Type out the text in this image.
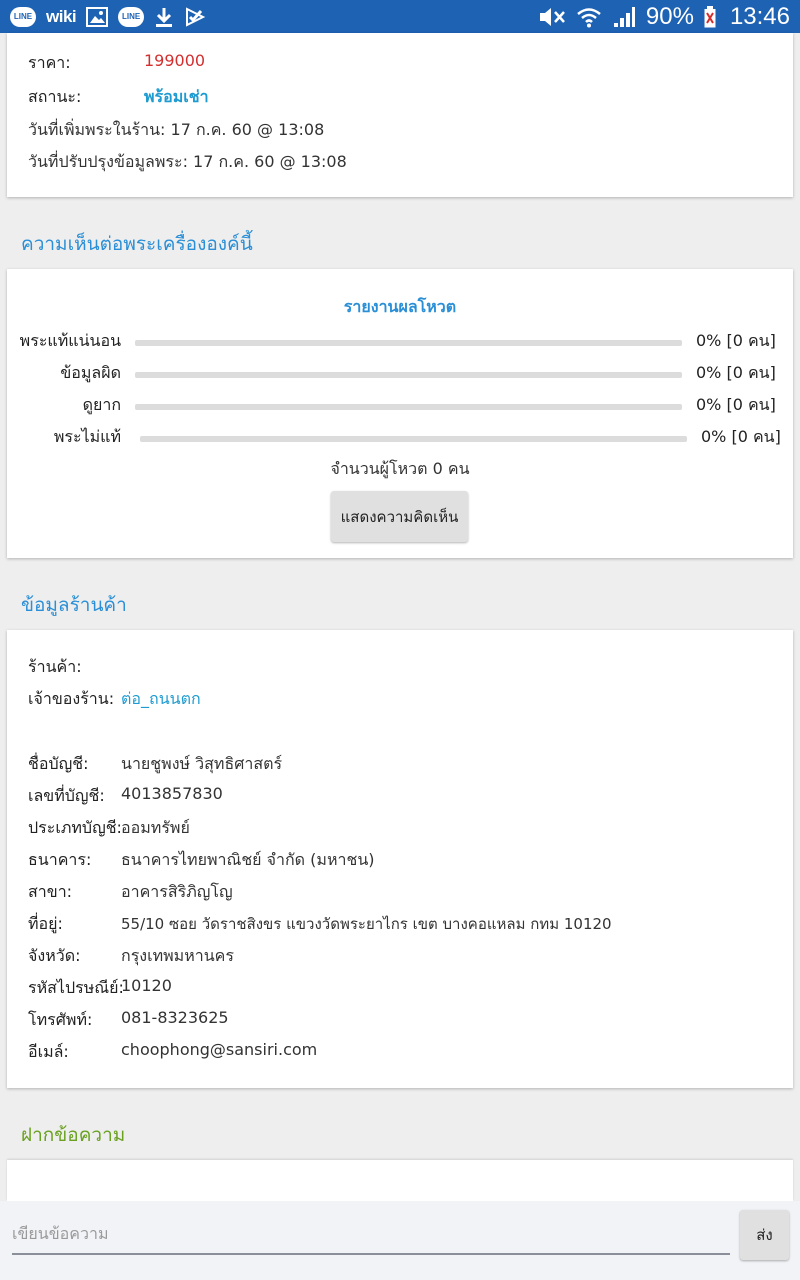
LINE wiki	LINE	90% 13:46
ราคา:	199000
สถานะ:	พร้อมเช่า
วันที่เพิ่มพระในร้าน: 17 ก.ค. 60 @ 13:08
วันที่ปรับปรุงข้อมูลพระ: 17 ก.ค. 60 @ 13:08
ความเห็นต่อพระเครื่ององค์นี้
รายงานผลโหวต
พระแท้แน่นอน	0% [0 คน]
ข้อมูลผิด	0% [0 คน]
ดูยาก	0% [0 คน]
พระไม่แท้	0% [0 คน]
จำนวนผู้โหวต 0 คน
แสดงความคิดเห็น
ข้อมูลร้านค้า
ร้านค้า:
เจ้าของร้าน: ต่อ_ถนนตก
ชื่อบัญชี: นายชูพงษ์ วิสุทธิศาสตร์
เลขที่บัญชี: 4013857830
ประเภทบัญชี: ออมทรัพย์
ธนาคาร: ธนาคารไทยพาณิชย์ จำกัด (มหาชน)
สาขา:	อาคารสิริภิญโญ
ที่อยู่:	55/10 ซอย วัดราชสิงขร แขวงวัดพระยาไกร เขต บางคอแหลม กทม 10120
จังหวัด:	กรุงเทพมหานคร
รหัสไปรษณีย์:
10120
โทรศัพท์: 081-8323625
อีเมล์:	choophong@sansiri.com
ฝากข้อความ
เขียนข้อความ
ส่ง
